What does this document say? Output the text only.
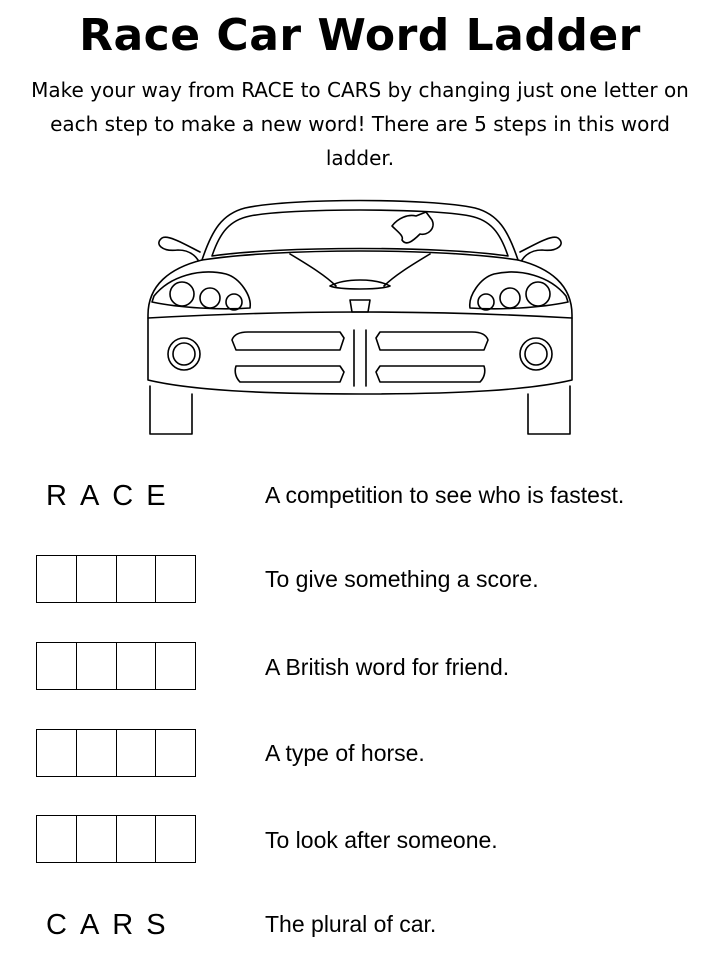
Race Car Word Ladder

Make your way from RACE to CARS by changing just one letter on each step to make a new word! There are 5 steps in this word ladder.

RACE
CARS
A competition to see who is fastest.
To give something a score.
A British word for friend.
A type of horse.
To look after someone.
The plural of car.
